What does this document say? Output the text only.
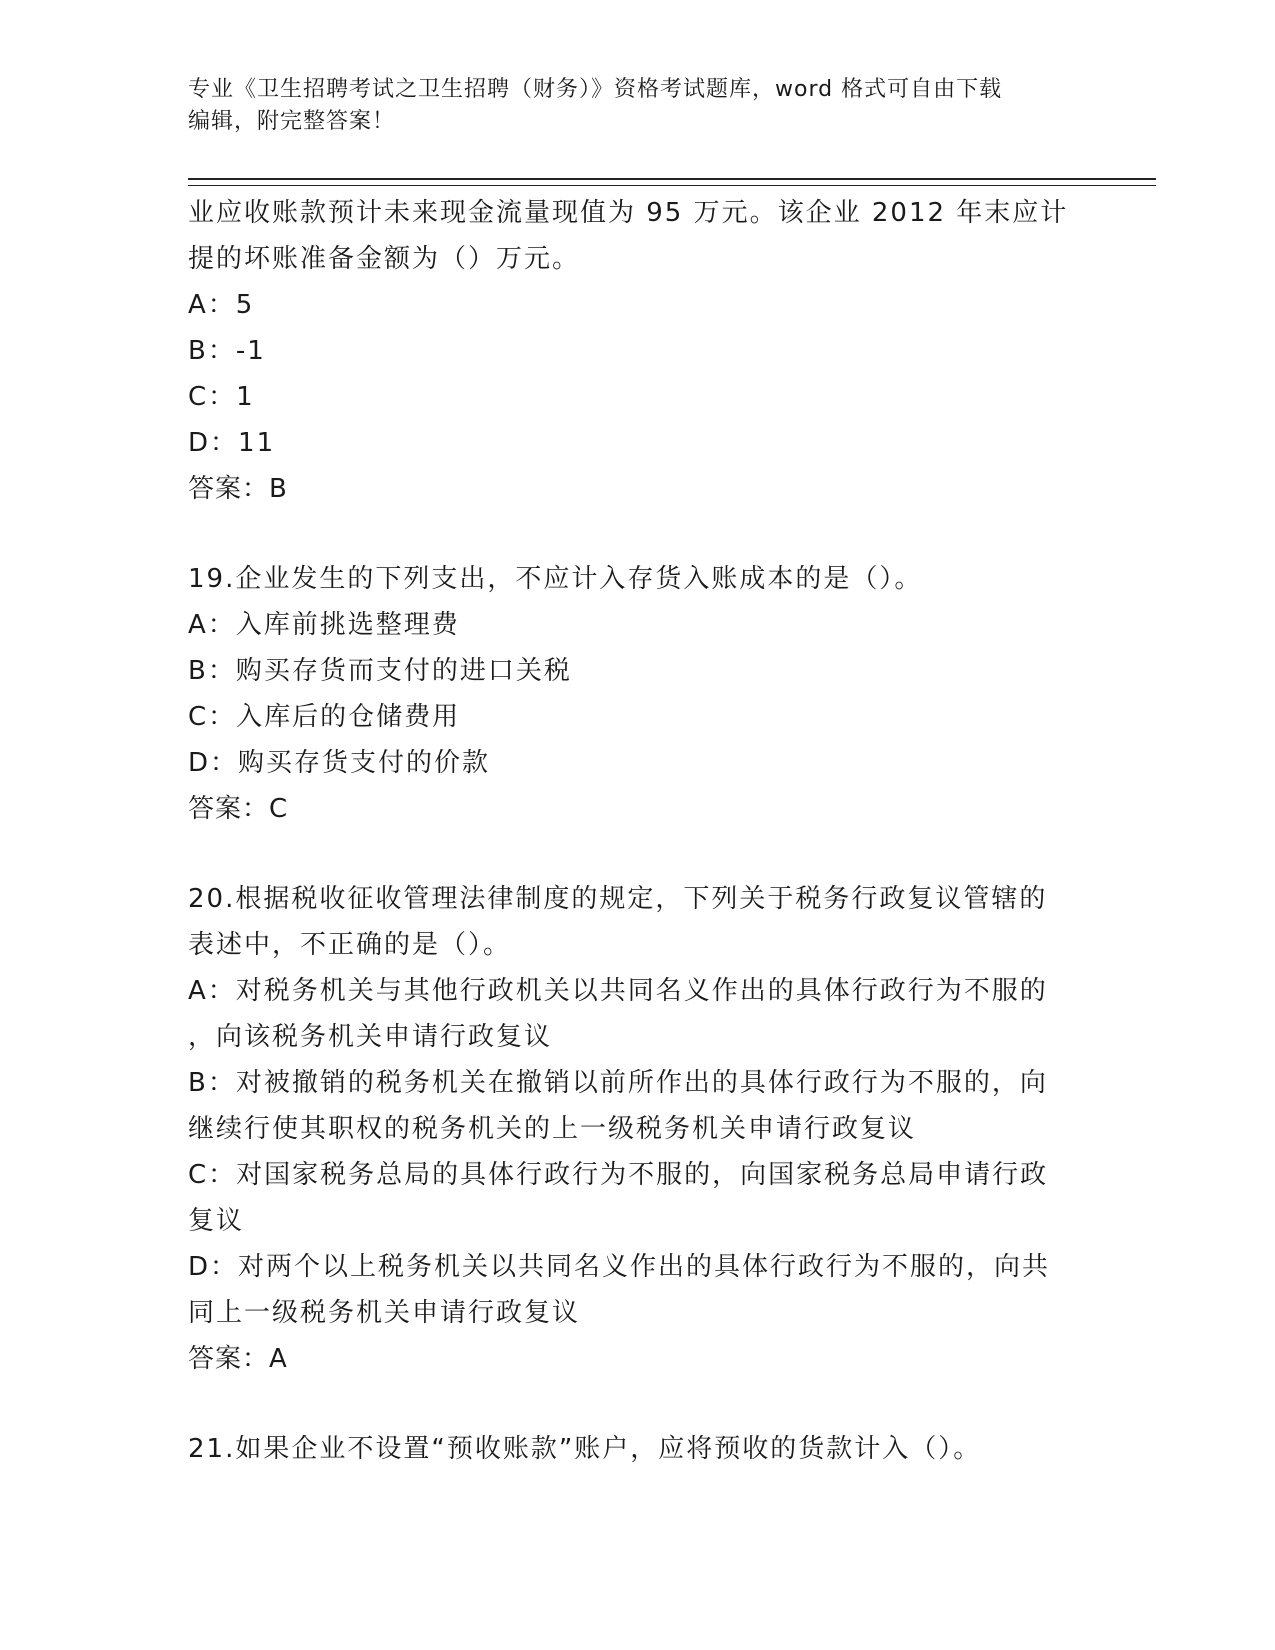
专业《卫生招聘考试之卫生招聘（财务）》资格考试题库，word 格式可自由下载
编辑，附完整答案！
业应收账款预计未来现金流量现值为 95 万元。该企业 2012 年末应计
提的坏账准备金额为（）万元。
A：5
B：-1
C：1
D：11
答案：B
19.企业发生的下列支出，不应计入存货入账成本的是（）。
A：入库前挑选整理费
B：购买存货而支付的进口关税
C：入库后的仓储费用
D：购买存货支付的价款
答案：C
20.根据税收征收管理法律制度的规定，下列关于税务行政复议管辖的
表述中，不正确的是（）。
A：对税务机关与其他行政机关以共同名义作出的具体行政行为不服的
，向该税务机关申请行政复议
B：对被撤销的税务机关在撤销以前所作出的具体行政行为不服的，向
继续行使其职权的税务机关的上一级税务机关申请行政复议
C：对国家税务总局的具体行政行为不服的，向国家税务总局申请行政
复议
D：对两个以上税务机关以共同名义作出的具体行政行为不服的，向共
同上一级税务机关申请行政复议
答案：A
21.如果企业不设置“预收账款”账户，应将预收的货款计入（）。
